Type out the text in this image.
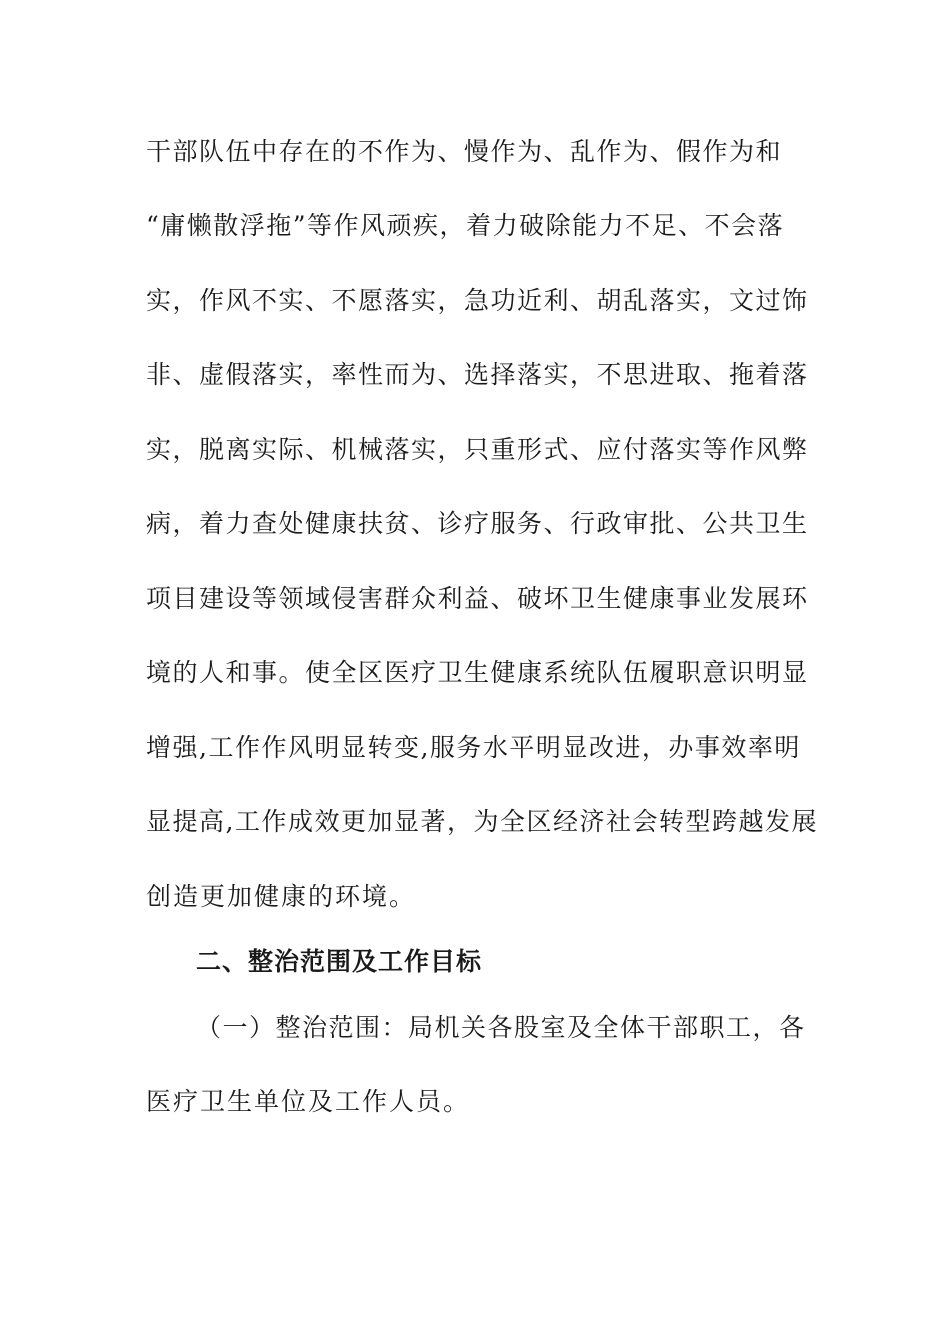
干部队伍中存在的不作为、慢作为、乱作为、假作为和
“庸懒散浮拖”等作风顽疾，着力破除能力不足、不会落
实，作风不实、不愿落实，急功近利、胡乱落实，文过饰
非、虚假落实，率性而为、选择落实，不思进取、拖着落
实，脱离实际、机械落实，只重形式、应付落实等作风弊
病，着力查处健康扶贫、诊疗服务、行政审批、公共卫生
项目建设等领域侵害群众利益、破坏卫生健康事业发展环
境的人和事。使全区医疗卫生健康系统队伍履职意识明显
增强,工作作风明显转变,服务水平明显改进，办事效率明
显提高,工作成效更加显著，为全区经济社会转型跨越发展
创造更加健康的环境。
二、整治范围及工作目标
（一）整治范围：局机关各股室及全体干部职工，各
医疗卫生单位及工作人员。
